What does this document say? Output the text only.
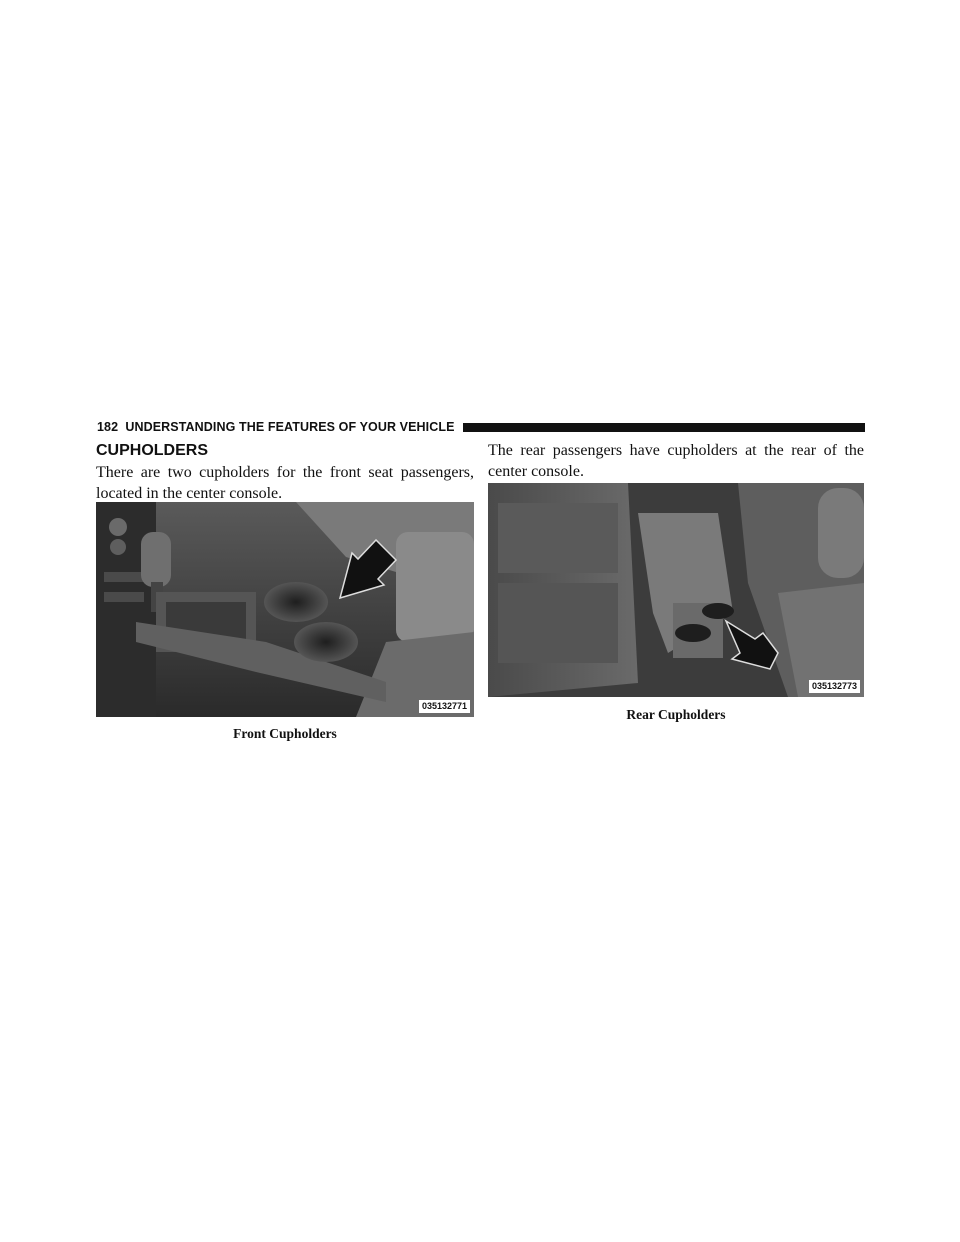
182 UNDERSTANDING THE FEATURES OF YOUR VEHICLE
CUPHOLDERS
There are two cupholders for the front seat passengers, located in the center console.
035132771
Front Cupholders
The rear passengers have cupholders at the rear of the center console.
035132773
Rear Cupholders
